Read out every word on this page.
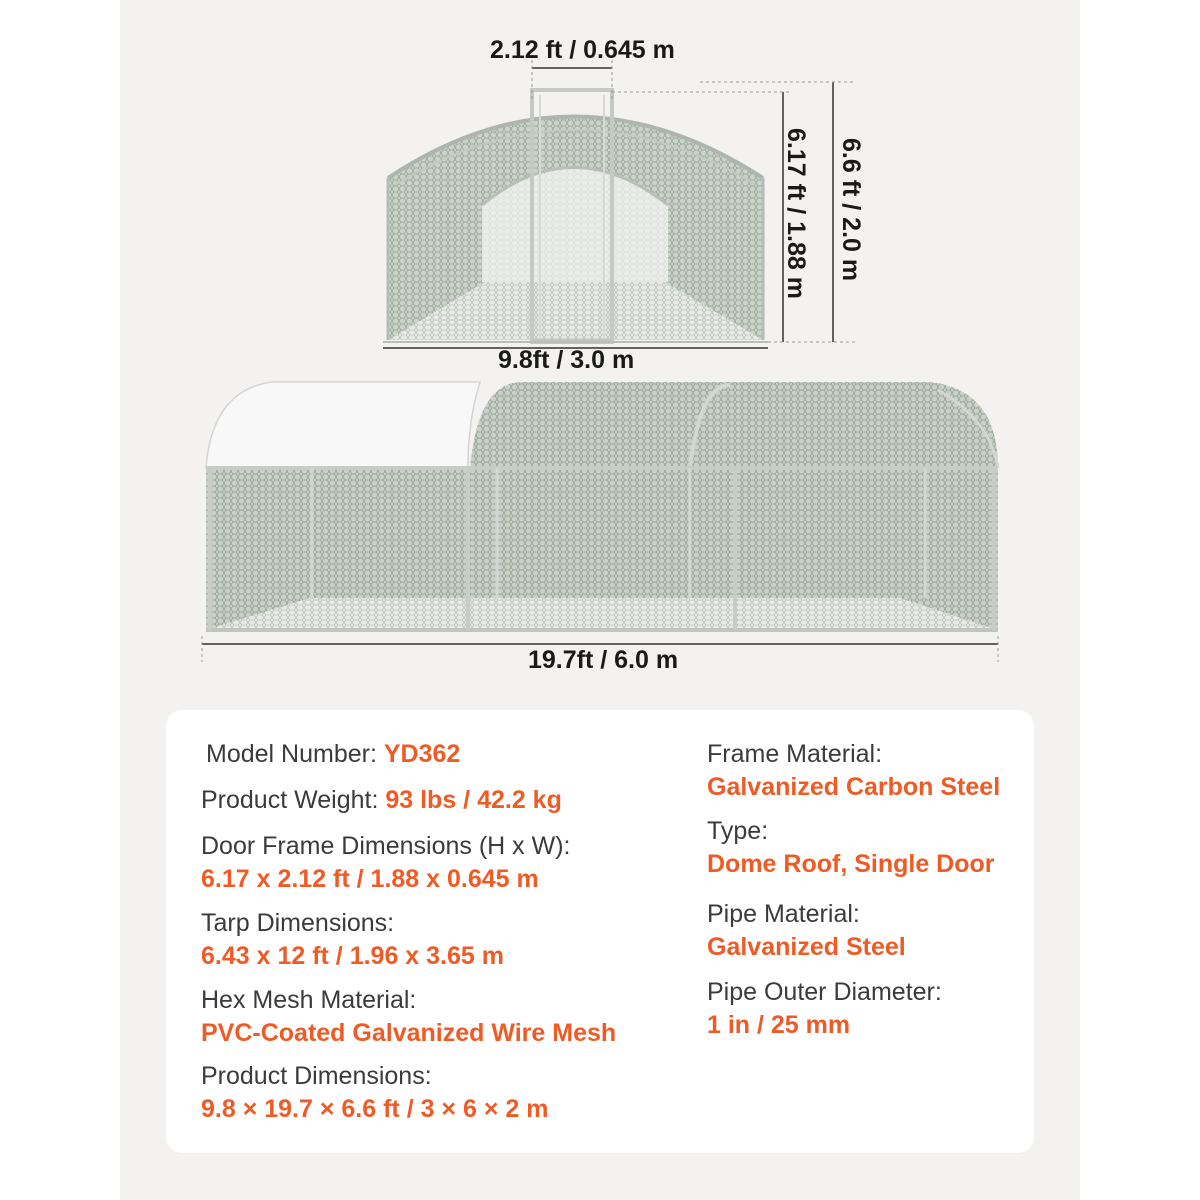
2.12 ft / 0.645 m
6.17 ft / 1.88 m 6.6 ft / 2.0 m
9.8ft / 3.0 m
19.7ft / 6.0 m
Model Number: YD362
Product Weight: 93 lbs / 42.2 kg
Door Frame Dimensions (H x W):
6.17 x 2.12 ft / 1.88 x 0.645 m
Tarp Dimensions:
6.43 x 12 ft / 1.96 x 3.65 m
Hex Mesh Material:
PVC-Coated Galvanized Wire Mesh
Product Dimensions:
9.8 × 19.7 × 6.6 ft / 3 × 6 × 2 m
Frame Material:
Galvanized Carbon Steel
Type:
Dome Roof, Single Door
Pipe Material:
Galvanized Steel
Pipe Outer Diameter:
1 in / 25 mm
